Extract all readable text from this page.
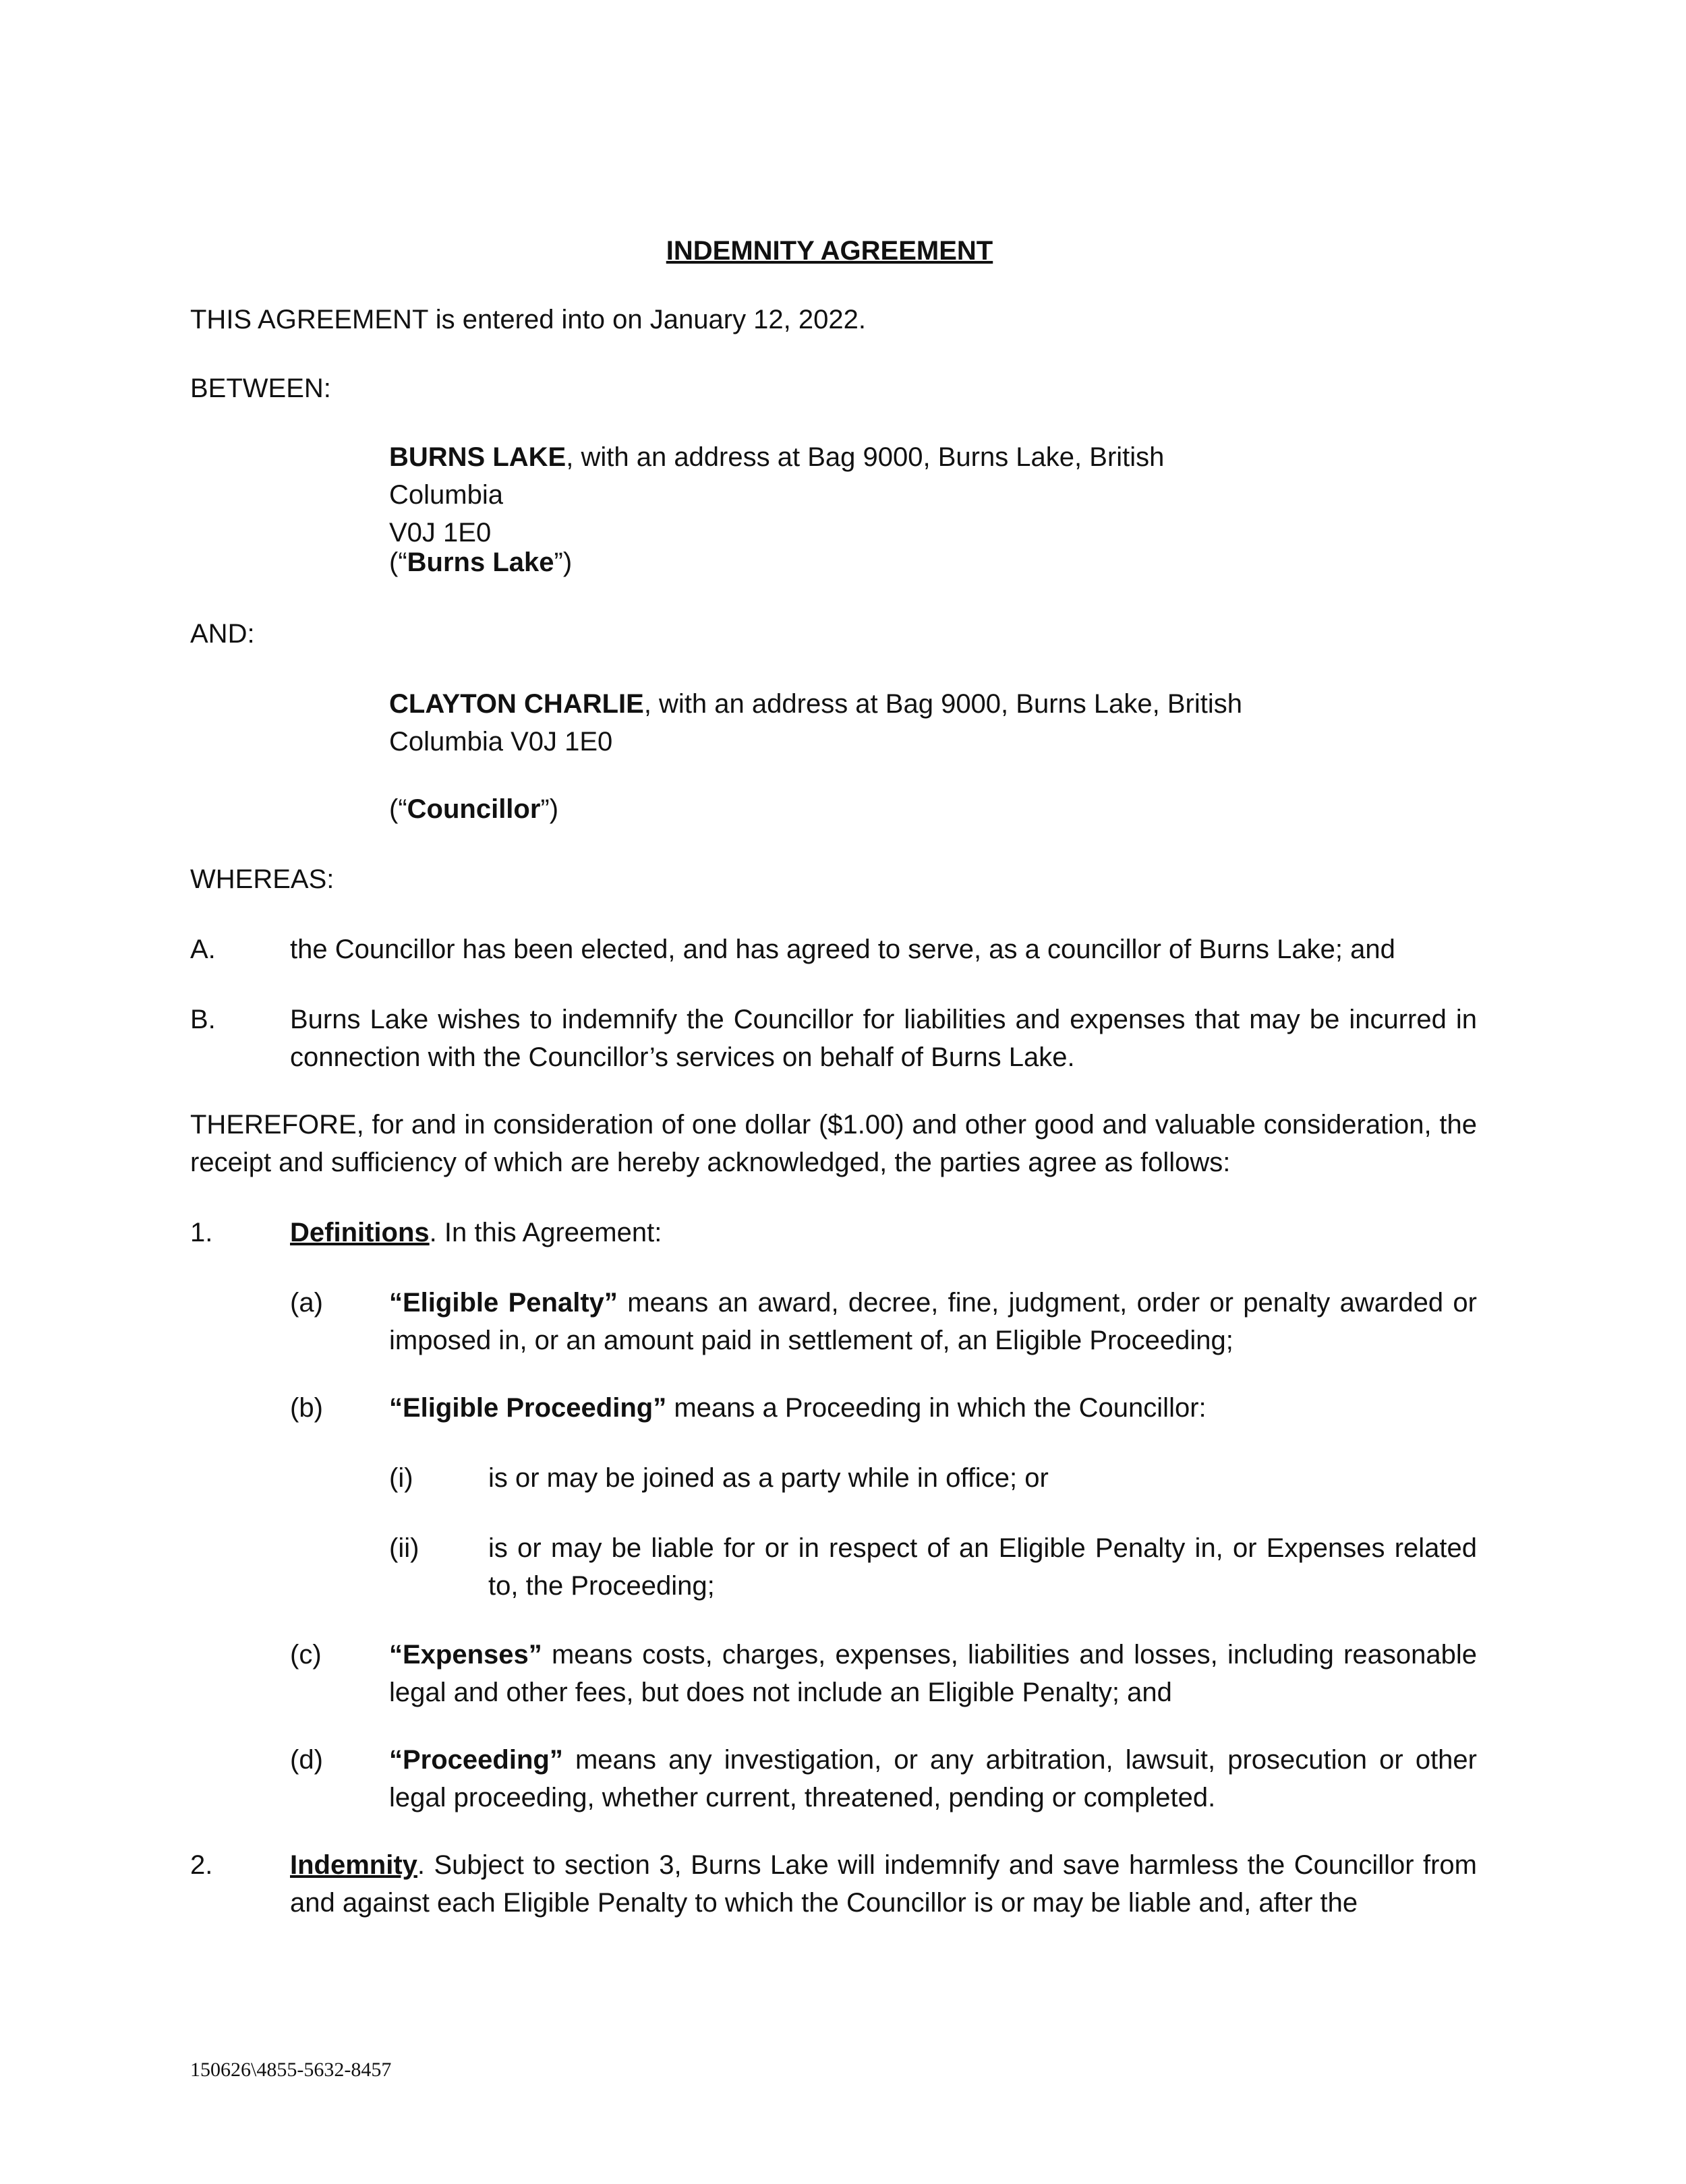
INDEMNITY AGREEMENT
THIS AGREEMENT is entered into on January 12, 2022.
BETWEEN:
BURNS LAKE, with an address at Bag 9000, Burns Lake, British Columbia
V0J 1E0
(“Burns Lake”)
AND:
CLAYTON CHARLIE, with an address at Bag 9000, Burns Lake, British
Columbia V0J 1E0
(“Councillor”)
WHEREAS:
A.	the Councillor has been elected, and has agreed to serve, as a councillor of Burns Lake; and
B.	Burns Lake wishes to indemnify the Councillor for liabilities and expenses that may be incurred in connection with the Councillor’s services on behalf of Burns Lake.
THEREFORE, for and in consideration of one dollar ($1.00) and other good and valuable consideration, the receipt and sufficiency of which are hereby acknowledged, the parties agree as follows:
1.	Definitions. In this Agreement:
(a) “Eligible Penalty” means an award, decree, fine, judgment, order or penalty awarded or imposed in, or an amount paid in settlement of, an Eligible Proceeding;
(b) “Eligible Proceeding” means a Proceeding in which the Councillor:
(i)	is or may be joined as a party while in office; or
(ii)	is or may be liable for or in respect of an Eligible Penalty in, or Expenses related to, the Proceeding;
(c)	“Expenses” means costs, charges, expenses, liabilities and losses, including reasonable legal and other fees, but does not include an Eligible Penalty; and
(d) “Proceeding” means any investigation, or any arbitration, lawsuit, prosecution or other legal proceeding, whether current, threatened, pending or completed.
2.	Indemnity. Subject to section 3, Burns Lake will indemnify and save harmless the Councillor from and against each Eligible Penalty to which the Councillor is or may be liable and, after the
150626\4855-5632-8457
